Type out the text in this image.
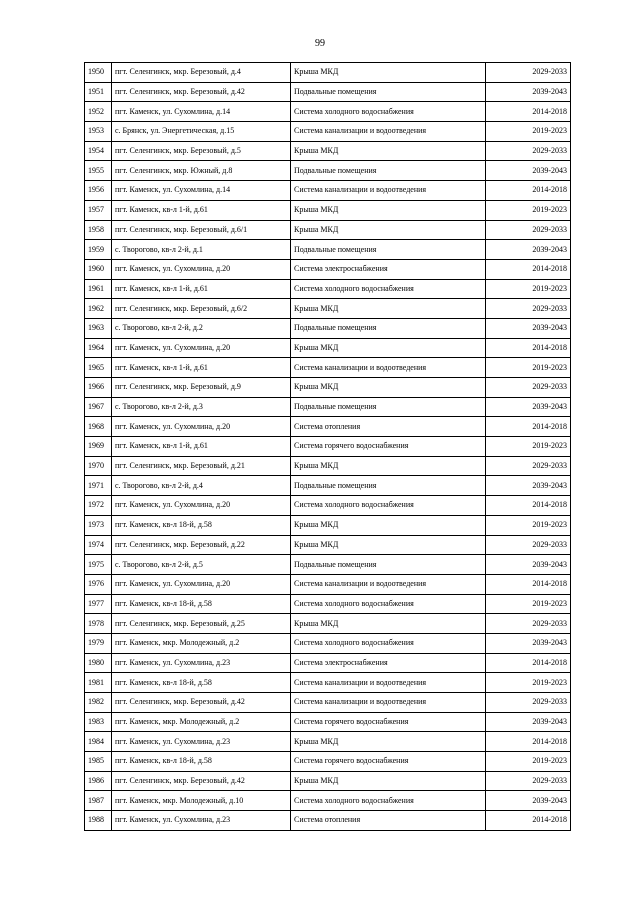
99
1950	пгт. Селенгинск, мкр. Березовый, д.4	Крыша МКД	2029-2033
1951	пгт. Селенгинск, мкр. Березовый, д.42	Подвальные помещения	2039-2043
1952	пгт. Каменск, ул. Сухомлина, д.14	Система холодного водоснабжения	2014-2018
1953	с. Брянск, ул. Энергетическая, д.15	Система канализации и водоотведения	2019-2023
1954	пгт. Селенгинск, мкр. Березовый, д.5	Крыша МКД	2029-2033
1955	пгт. Селенгинск, мкр. Южный, д.8	Подвальные помещения	2039-2043
1956	пгт. Каменск, ул. Сухомлина, д.14	Система канализации и водоотведения	2014-2018
1957	пгт. Каменск, кв-л 1-й, д.61	Крыша МКД	2019-2023
1958	пгт. Селенгинск, мкр. Березовый, д.6/1	Крыша МКД	2029-2033
1959	с. Творогово, кв-л 2-й, д.1	Подвальные помещения	2039-2043
1960	пгт. Каменск, ул. Сухомлина, д.20	Система электроснабжения	2014-2018
1961	пгт. Каменск, кв-л 1-й, д.61	Система холодного водоснабжения	2019-2023
1962	пгт. Селенгинск, мкр. Березовый, д.6/2	Крыша МКД	2029-2033
1963	с. Творогово, кв-л 2-й, д.2	Подвальные помещения	2039-2043
1964	пгт. Каменск, ул. Сухомлина, д.20	Крыша МКД	2014-2018
1965	пгт. Каменск, кв-л 1-й, д.61	Система канализации и водоотведения	2019-2023
1966	пгт. Селенгинск, мкр. Березовый, д.9	Крыша МКД	2029-2033
1967	с. Творогово, кв-л 2-й, д.3	Подвальные помещения	2039-2043
1968	пгт. Каменск, ул. Сухомлина, д.20	Система отопления	2014-2018
1969	пгт. Каменск, кв-л 1-й, д.61	Система горячего водоснабжения	2019-2023
1970	пгт. Селенгинск, мкр. Березовый, д.21	Крыша МКД	2029-2033
1971	с. Творогово, кв-л 2-й, д.4	Подвальные помещения	2039-2043
1972	пгт. Каменск, ул. Сухомлина, д.20	Система холодного водоснабжения	2014-2018
1973	пгт. Каменск, кв-л 18-й, д.58	Крыша МКД	2019-2023
1974	пгт. Селенгинск, мкр. Березовый, д.22	Крыша МКД	2029-2033
1975	с. Творогово, кв-л 2-й, д.5	Подвальные помещения	2039-2043
1976	пгт. Каменск, ул. Сухомлина, д.20	Система канализации и водоотведения	2014-2018
1977	пгт. Каменск, кв-л 18-й, д.58	Система холодного водоснабжения	2019-2023
1978	пгт. Селенгинск, мкр. Березовый, д.25	Крыша МКД	2029-2033
1979	пгт. Каменск, мкр. Молодежный, д.2	Система холодного водоснабжения	2039-2043
1980	пгт. Каменск, ул. Сухомлина, д.23	Система электроснабжения	2014-2018
1981	пгт. Каменск, кв-л 18-й, д.58	Система канализации и водоотведения	2019-2023
1982	пгт. Селенгинск, мкр. Березовый, д.42	Система канализации и водоотведения	2029-2033
1983	пгт. Каменск, мкр. Молодежный, д.2	Система горячего водоснабжения	2039-2043
1984	пгт. Каменск, ул. Сухомлина, д.23	Крыша МКД	2014-2018
1985	пгт. Каменск, кв-л 18-й, д.58	Система горячего водоснабжения	2019-2023
1986	пгт. Селенгинск, мкр. Березовый, д.42	Крыша МКД	2029-2033
1987	пгт. Каменск, мкр. Молодежный, д.10	Система холодного водоснабжения	2039-2043
1988	пгт. Каменск, ул. Сухомлина, д.23	Система отопления	2014-2018
